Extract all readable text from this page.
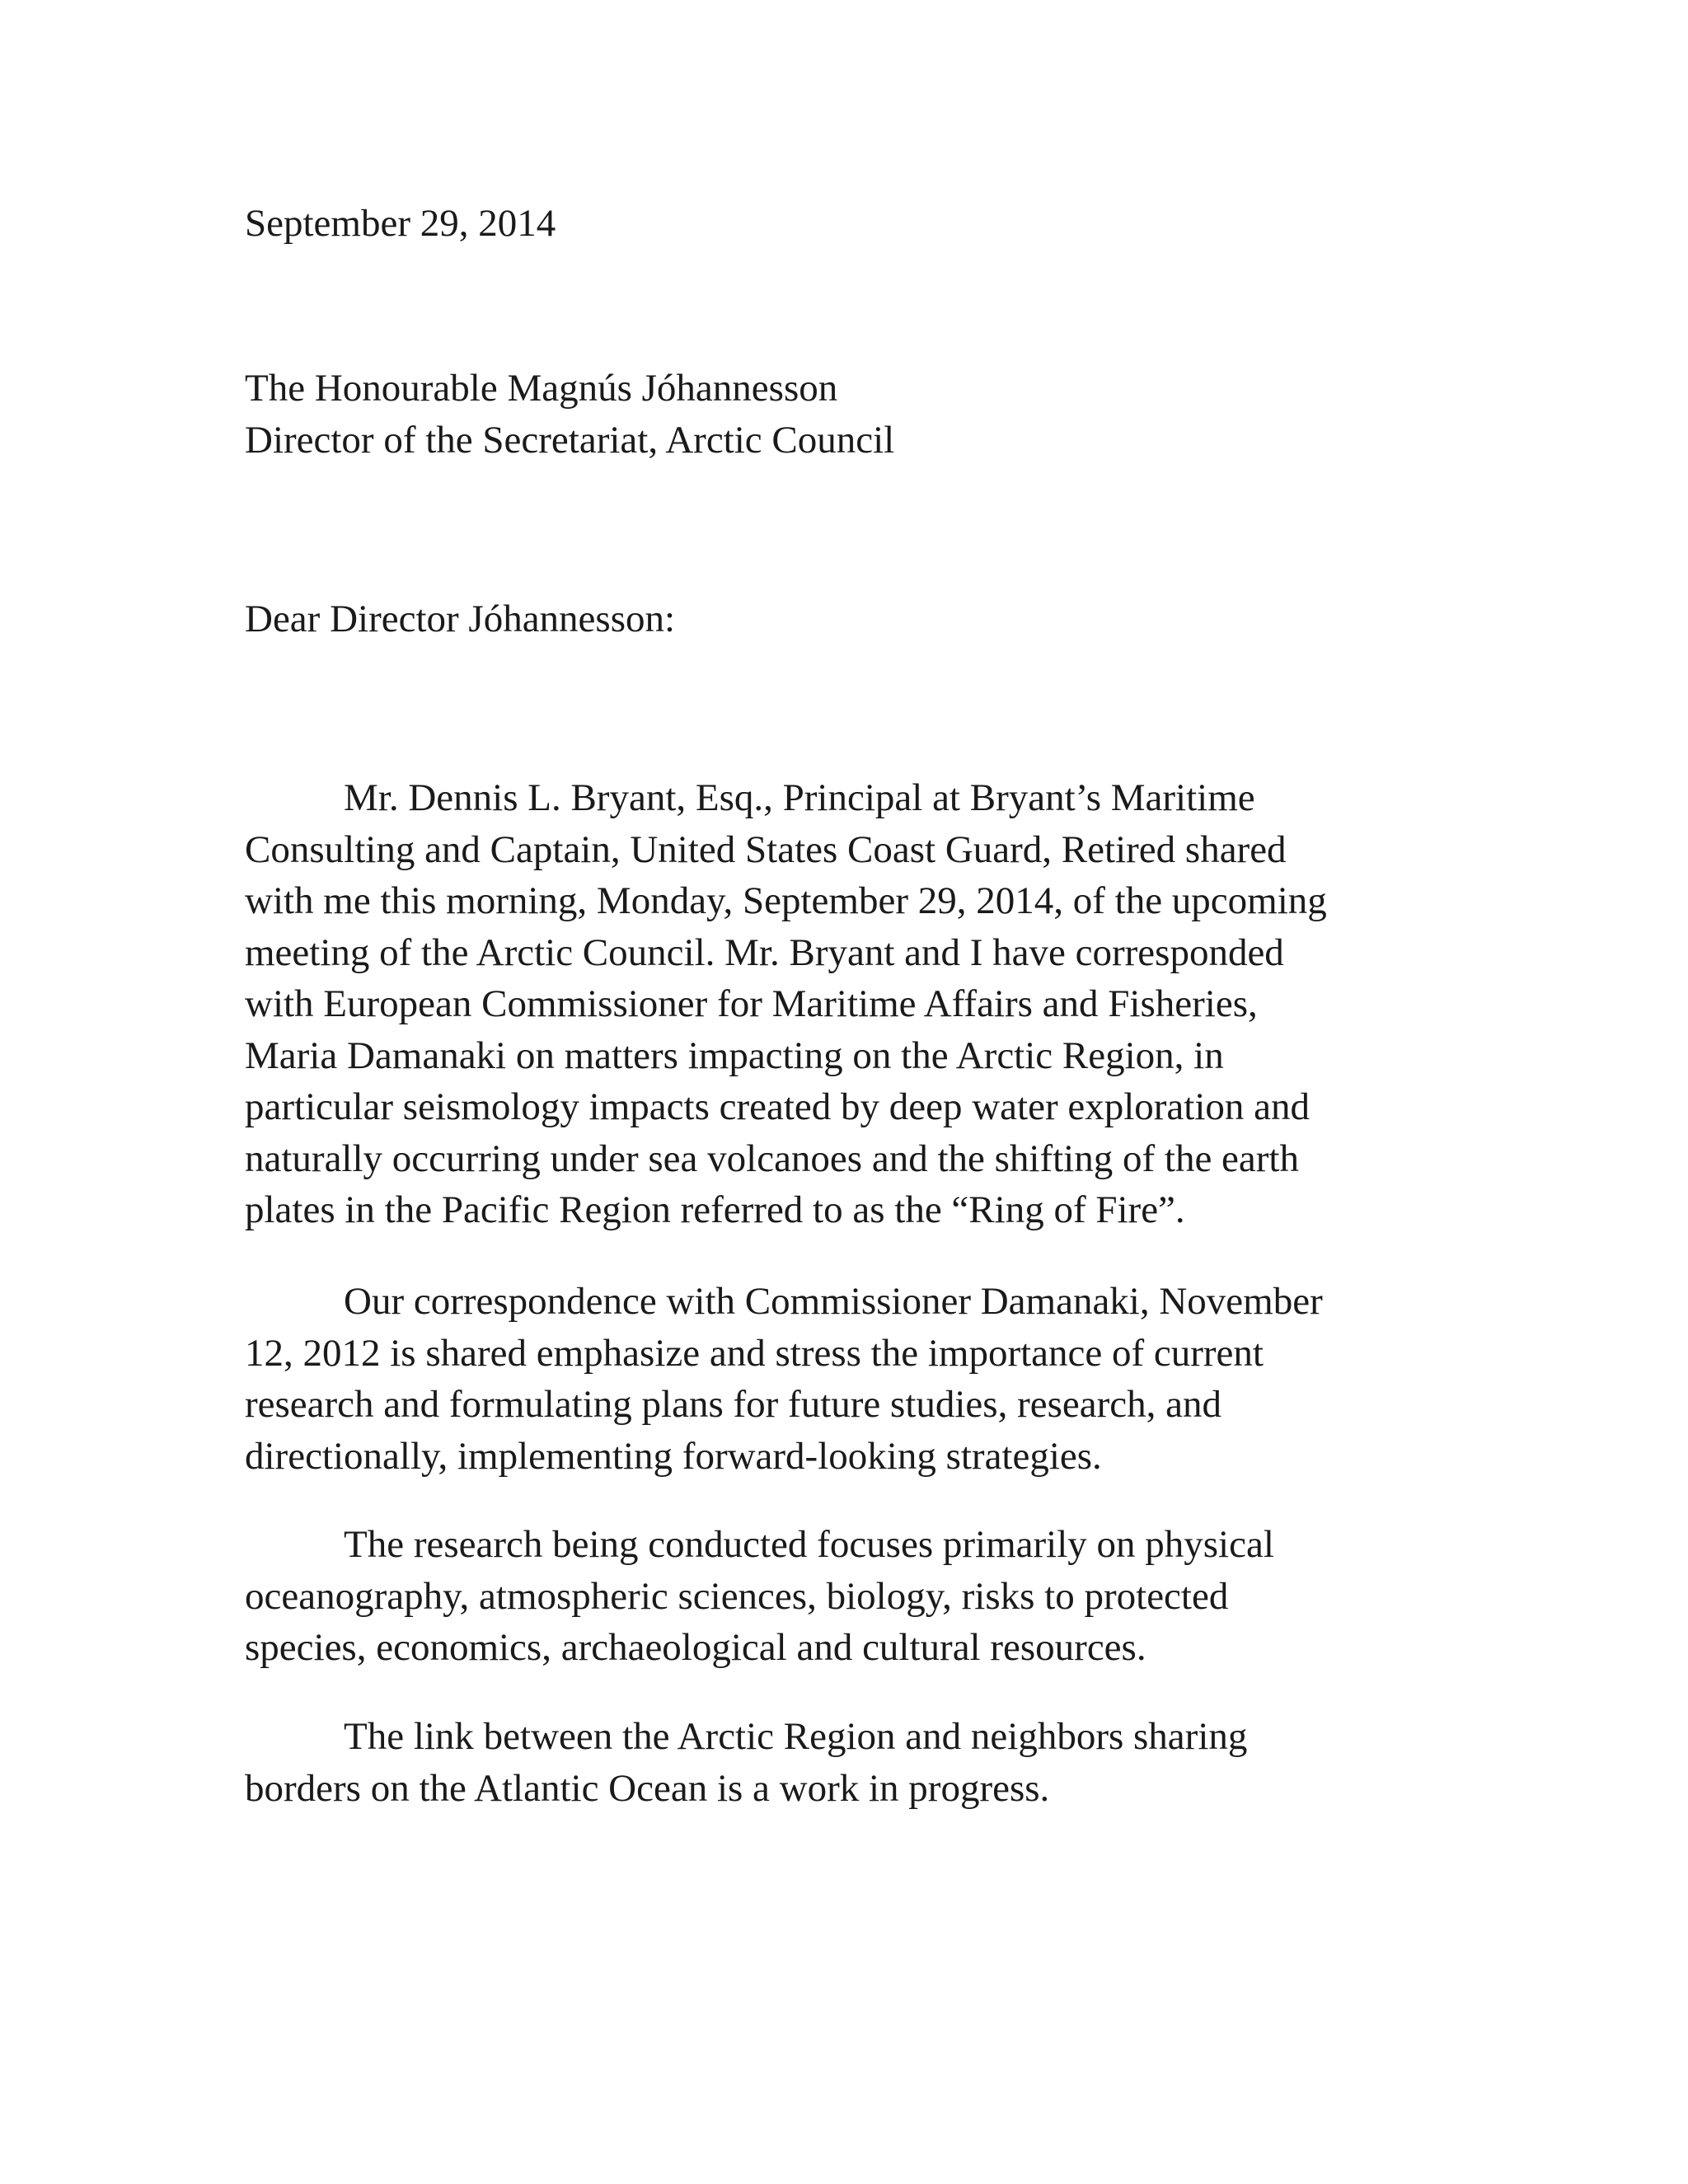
September 29, 2014

The Honourable Magnús Jóhannesson

Director of the Secretariat, Arctic Council

Dear Director Jóhannesson:

Mr. Dennis L. Bryant, Esq., Principal at Bryant’s Maritime
Consulting and Captain, United States Coast Guard, Retired shared
with me this morning, Monday, September 29, 2014, of the upcoming
meeting of the Arctic Council. Mr. Bryant and I have corresponded
with European Commissioner for Maritime Affairs and Fisheries,
Maria Damanaki on matters impacting on the Arctic Region, in
particular seismology impacts created by deep water exploration and
naturally occurring under sea volcanoes and the shifting of the earth
plates in the Pacific Region referred to as the “Ring of Fire”.
Our correspondence with Commissioner Damanaki, November
12, 2012 is shared emphasize and stress the importance of current
research and formulating plans for future studies, research, and
directionally, implementing forward-looking strategies.
The research being conducted focuses primarily on physical
oceanography, atmospheric sciences, biology, risks to protected
species, economics, archaeological and cultural resources.
The link between the Arctic Region and neighbors sharing
borders on the Atlantic Ocean is a work in progress.
